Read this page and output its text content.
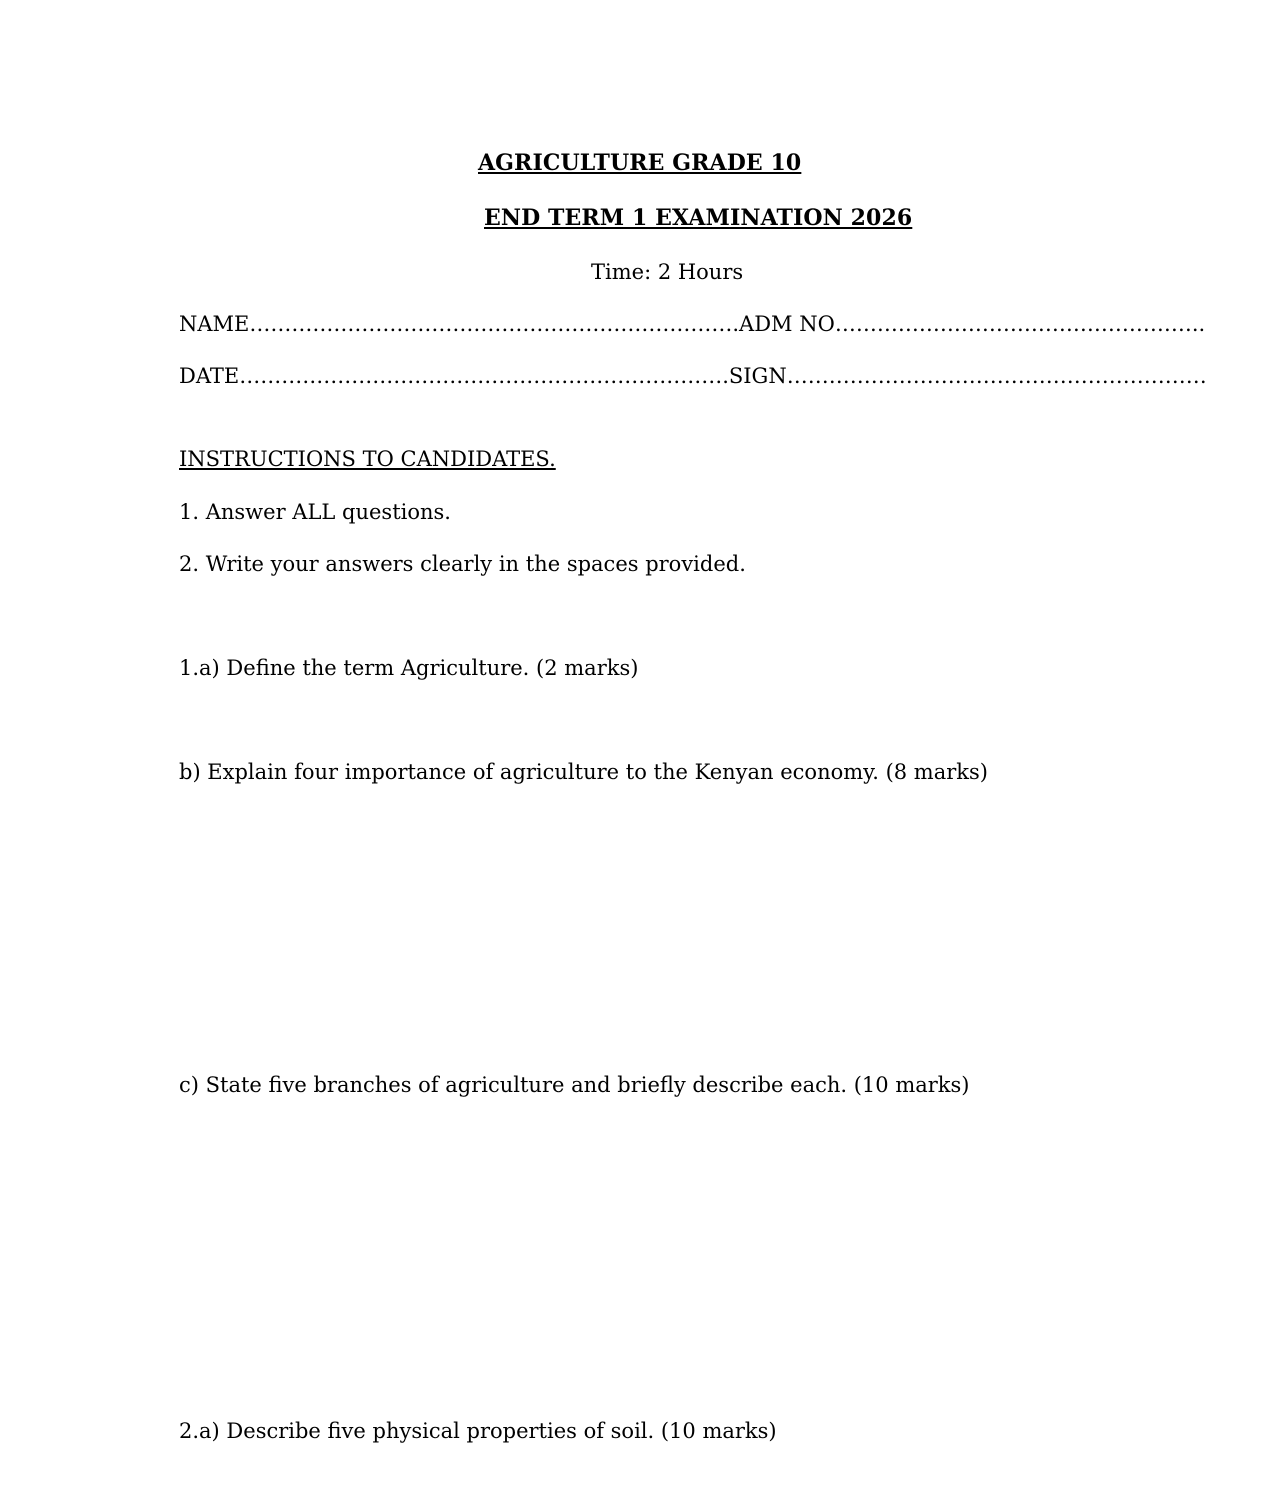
AGRICULTURE GRADE 10
END TERM 1 EXAMINATION 2026
Time: 2 Hours
NAME…………………………………………………………….ADM NO……………………………………………..
DATE…………………………………………………………….SIGN……………………………………………………
INSTRUCTIONS TO CANDIDATES.
1. Answer ALL questions.
2. Write your answers clearly in the spaces provided.
1.a) Define the term Agriculture. (2 marks)
b) Explain four importance of agriculture to the Kenyan economy. (8 marks)
c) State five branches of agriculture and briefly describe each. (10 marks)
2.a) Describe five physical properties of soil. (10 marks)
